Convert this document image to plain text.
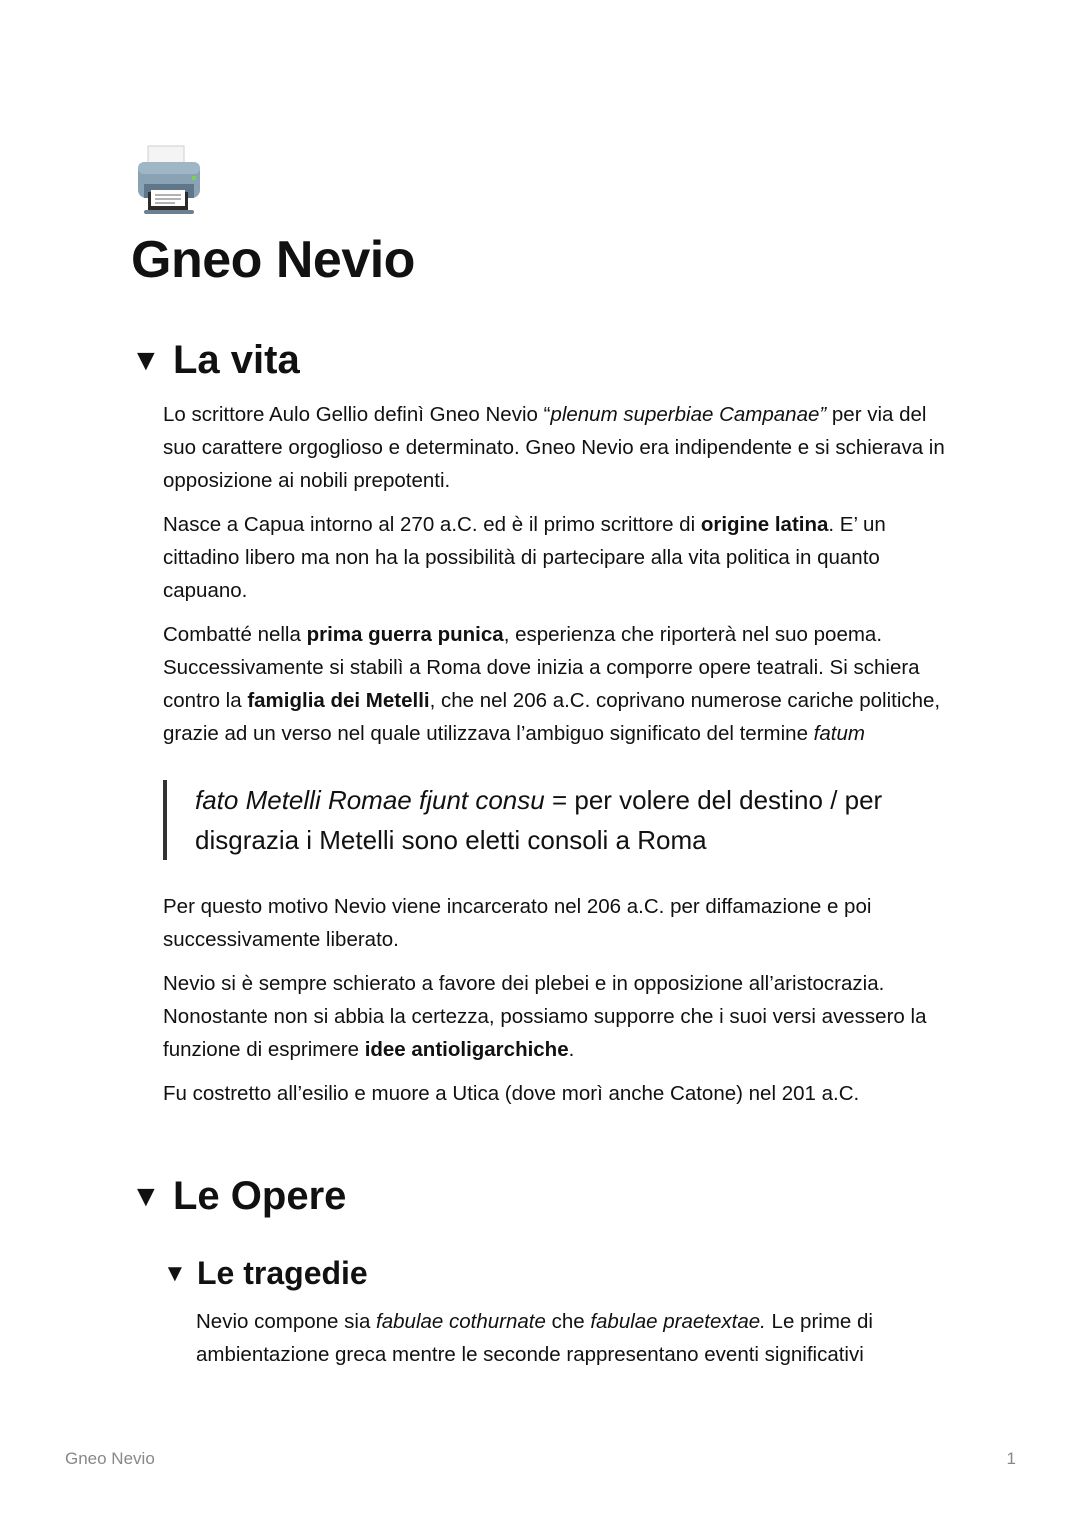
Gneo Nevio
▼ La vita

Lo scrittore Aulo Gellio definì Gneo Nevio “plenum superbiae Campanae” per via del suo carattere orgoglioso e determinato. Gneo Nevio era indipendente e si schierava in opposizione ai nobili prepotenti.

Nasce a Capua intorno al 270 a.C. ed è il primo scrittore di origine latina. E’ un cittadino libero ma non ha la possibilità di partecipare alla vita politica in quanto capuano.

Combatté nella prima guerra punica, esperienza che riporterà nel suo poema. Successivamente si stabilì a Roma dove inizia a comporre opere teatrali. Si schiera contro la famiglia dei Metelli, che nel 206 a.C. coprivano numerose cariche politiche, grazie ad un verso nel quale utilizzava l’ambiguo significato del termine fatum

fato Metelli Romae fjunt consu = per volere del destino / per disgrazia i Metelli sono eletti consoli a Roma

Per questo motivo Nevio viene incarcerato nel 206 a.C. per diffamazione e poi successivamente liberato.

Nevio si è sempre schierato a favore dei plebei e in opposizione all’aristocrazia. Nonostante non si abbia la certezza, possiamo supporre che i suoi versi avessero la funzione di esprimere idee antioligarchiche.

Fu costretto all’esilio e muore a Utica (dove morì anche Catone) nel 201 a.C.

▼ Le Opere
▼ Le tragedie

Nevio compone sia fabulae cothurnate che fabulae praetextae. Le prime di ambientazione greca mentre le seconde rappresentano eventi significativi

Gneo Nevio	1
